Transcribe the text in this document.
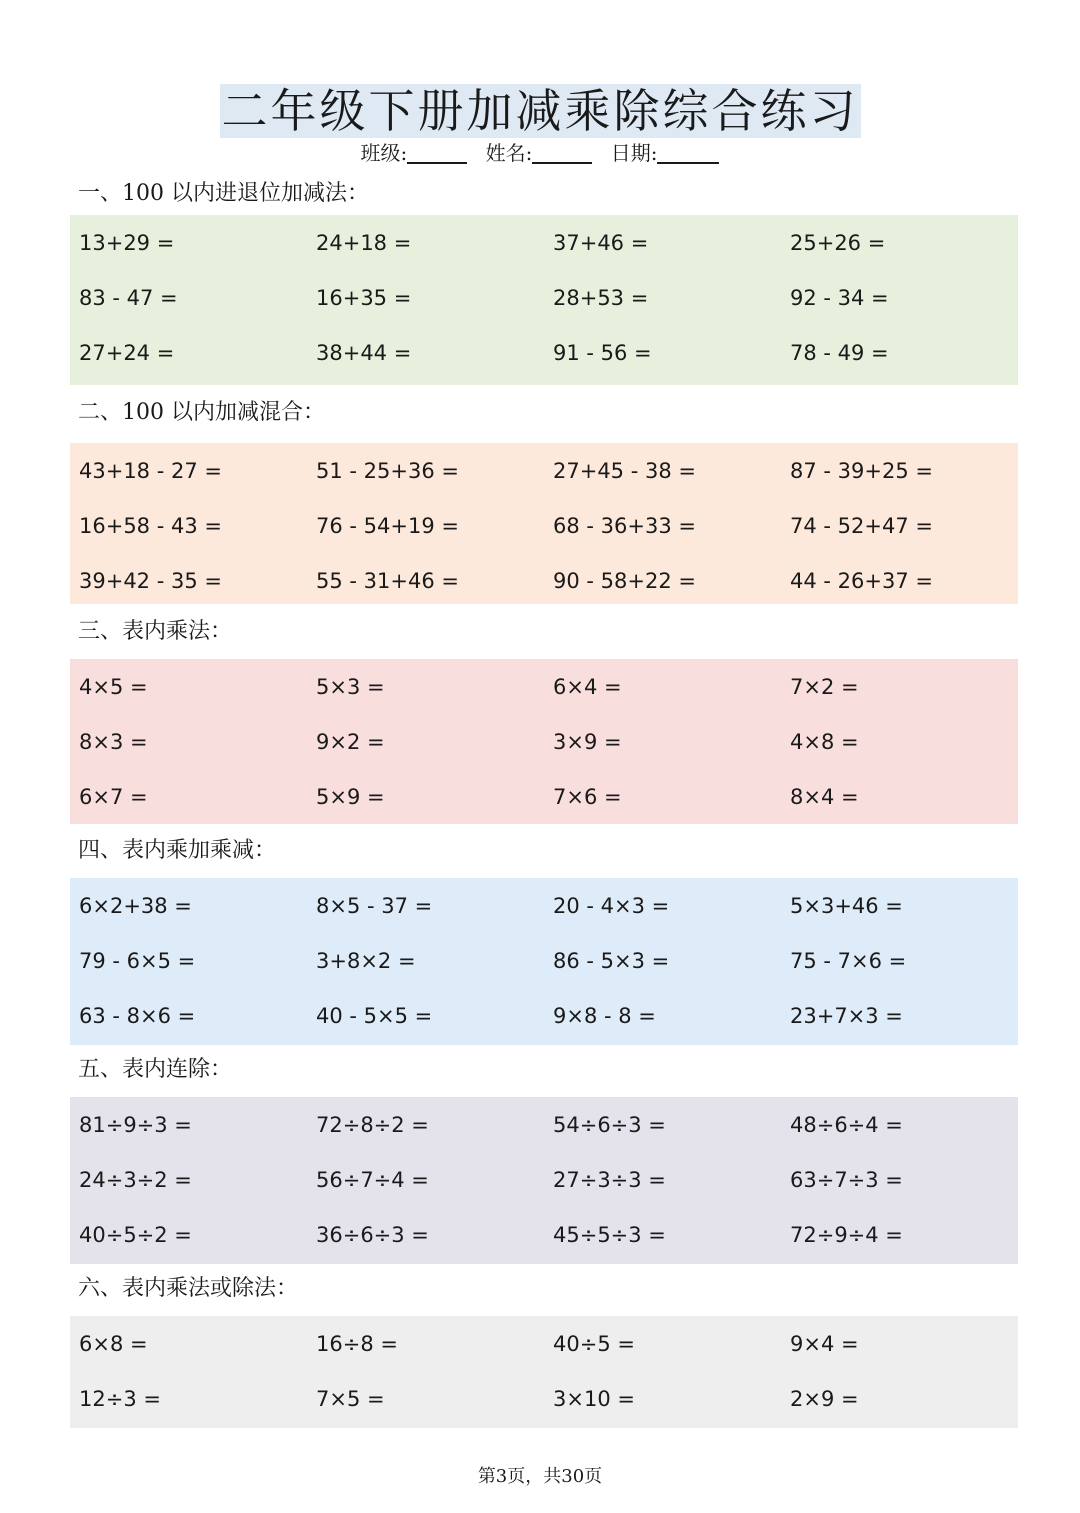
二年级下册加减乘除综合练习
班级:	姓名:	日期:
一、100 以内进退位加减法：
13+29 =	24+18 =	37+46 =	25+26 =
83 - 47 =	16+35 =	28+53 =	92 - 34 =
27+24 =	38+44 =	91 - 56 =	78 - 49 =
二、100 以内加减混合：
43+18 - 27 =	51 - 25+36 =	27+45 - 38 =	87 - 39+25 =
16+58 - 43 =	76 - 54+19 =	68 - 36+33 =	74 - 52+47 =
39+42 - 35 =	55 - 31+46 =	90 - 58+22 =	44 - 26+37 =
三、表内乘法：
4×5 =	5×3 =	6×4 =	7×2 =
8×3 =	9×2 =	3×9 =	4×8 =
6×7 =	5×9 =	7×6 =	8×4 =
四、表内乘加乘减：
6×2+38 =	8×5 - 37 =	20 - 4×3 =	5×3+46 =
79 - 6×5 =	3+8×2 =	86 - 5×3 =	75 - 7×6 =
63 - 8×6 =	40 - 5×5 =	9×8 - 8 =	23+7×3 =
五、表内连除：
81÷9÷3 =	72÷8÷2 =	54÷6÷3 =	48÷6÷4 =
24÷3÷2 =	56÷7÷4 =	27÷3÷3 =	63÷7÷3 =
40÷5÷2 =	36÷6÷3 =	45÷5÷3 =	72÷9÷4 =
六、表内乘法或除法：
6×8 =	16÷8 =	40÷5 =	9×4 =
12÷3 =	7×5 =	3×10 =	2×9 =
第3页，共30页
